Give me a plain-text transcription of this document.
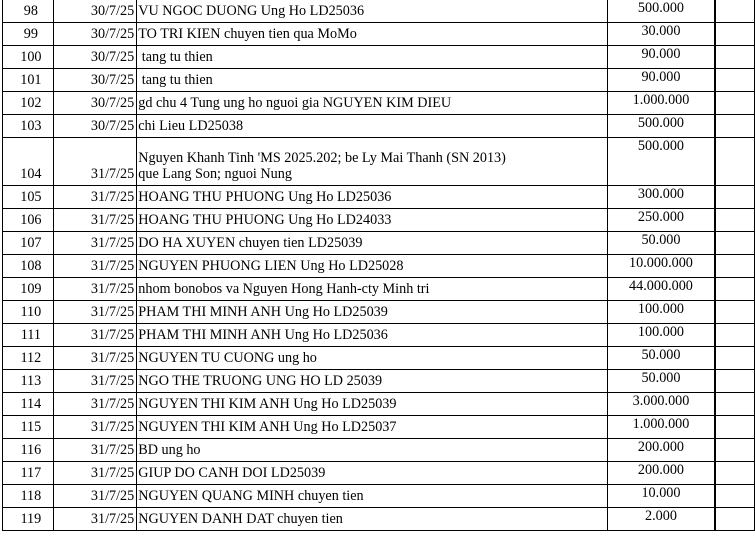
98	30/7/25	VU NGOC DUONG Ung Ho LD25036	500.000	
99	30/7/25	TO TRI KIEN chuyen tien qua MoMo	30.000	
100	30/7/25	tang tu thien	90.000	
101	30/7/25	tang tu thien	90.000	
102	30/7/25	gd chu 4 Tung ung ho nguoi gia NGUYEN KIM DIEU	1.000.000	
103	30/7/25	chi Lieu LD25038	500.000	
104	31/7/25	Nguyen Khanh Tinh 'MS 2025.202; be Ly Mai Thanh (SN 2013)
que Lang Son; nguoi Nung	500.000	
105	31/7/25	HOANG THU PHUONG Ung Ho LD25036	300.000	
106	31/7/25	HOANG THU PHUONG Ung Ho LD24033	250.000	
107	31/7/25	DO HA XUYEN chuyen tien LD25039	50.000	
108	31/7/25	NGUYEN PHUONG LIEN Ung Ho LD25028	10.000.000	
109	31/7/25	nhom bonobos va Nguyen Hong Hanh-cty Minh tri	44.000.000	
110	31/7/25	PHAM THI MINH ANH Ung Ho LD25039	100.000	
111	31/7/25	PHAM THI MINH ANH Ung Ho LD25036	100.000	
112	31/7/25	NGUYEN TU CUONG ung ho	50.000	
113	31/7/25	NGO THE TRUONG UNG HO LD 25039	50.000	
114	31/7/25	NGUYEN THI KIM ANH Ung Ho LD25039	3.000.000	
115	31/7/25	NGUYEN THI KIM ANH Ung Ho LD25037	1.000.000	
116	31/7/25	BD ung ho	200.000	
117	31/7/25	GIUP DO CANH DOI LD25039	200.000	
118	31/7/25	NGUYEN QUANG MINH chuyen tien	10.000	
119	31/7/25	NGUYEN DANH DAT chuyen tien	2.000	
